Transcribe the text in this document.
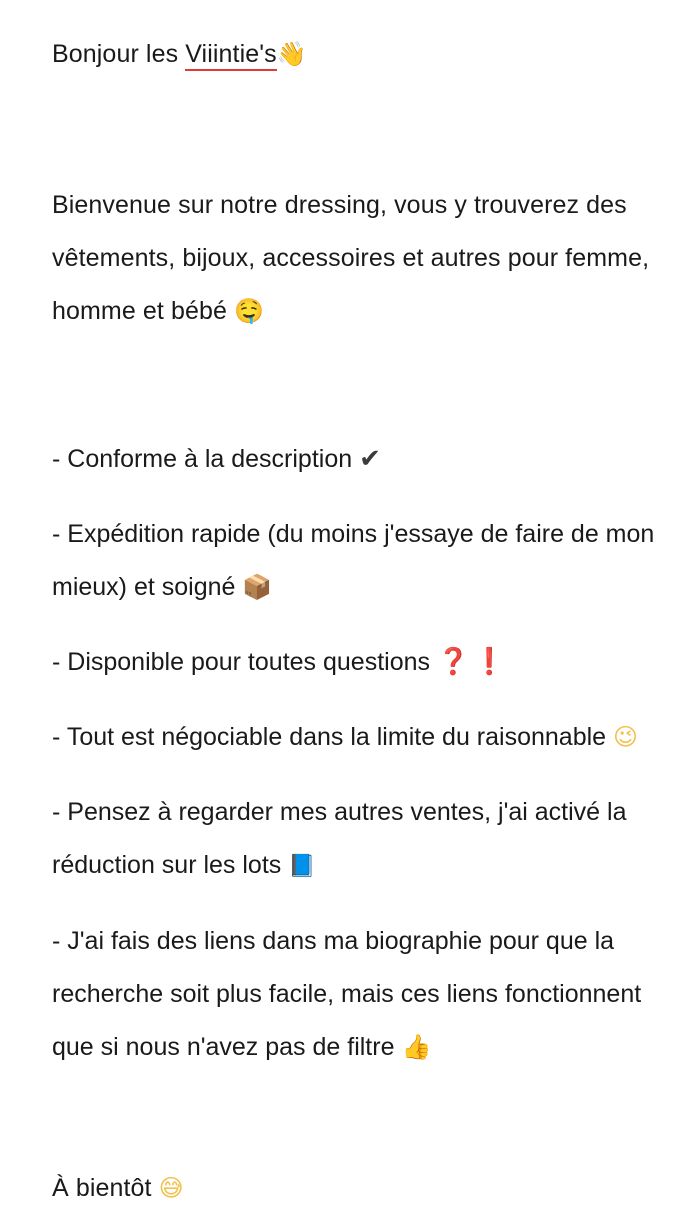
Bonjour les Viiintie's👋

Bienvenue sur notre dressing, vous y trouverez des vêtements, bijoux, accessoires et autres pour femme, homme et bébé 🤤

- Conforme à la description ✔

- Expédition rapide (du moins j'essaye de faire de mon mieux) et soigné 📦

- Disponible pour toutes questions ❓❗

- Tout est négociable dans la limite du raisonnable 😉

- Pensez à regarder mes autres ventes, j'ai activé la réduction sur les lots 📘

- J'ai fais des liens dans ma biographie pour que la recherche soit plus facile, mais ces liens fonctionnent que si nous n'avez pas de filtre 👍

À bientôt 😅
